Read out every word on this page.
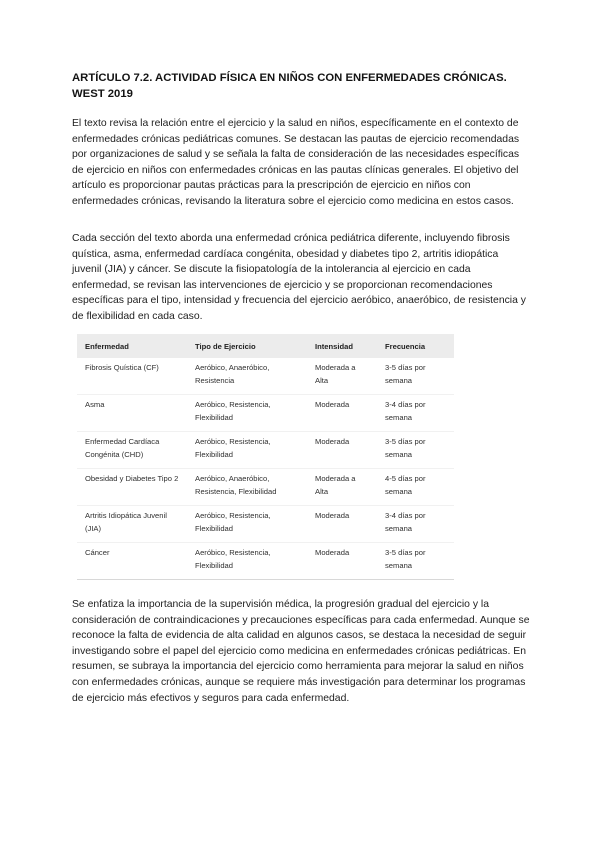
ARTÍCULO 7.2. ACTIVIDAD FÍSICA EN NIÑOS CON ENFERMEDADES CRÓNICAS. WEST 2019

El texto revisa la relación entre el ejercicio y la salud en niños, específicamente en el contexto de enfermedades crónicas pediátricas comunes. Se destacan las pautas de ejercicio recomendadas por organizaciones de salud y se señala la falta de consideración de las necesidades específicas de ejercicio en niños con enfermedades crónicas en las pautas clínicas generales. El objetivo del artículo es proporcionar pautas prácticas para la prescripción de ejercicio en niños con enfermedades crónicas, revisando la literatura sobre el ejercicio como medicina en estos casos.

Cada sección del texto aborda una enfermedad crónica pediátrica diferente, incluyendo fibrosis quística, asma, enfermedad cardíaca congénita, obesidad y diabetes tipo 2, artritis idiopática juvenil (JIA) y cáncer. Se discute la fisiopatología de la intolerancia al ejercicio en cada enfermedad, se revisan las intervenciones de ejercicio y se proporcionan recomendaciones específicas para el tipo, intensidad y frecuencia del ejercicio aeróbico, anaeróbico, de resistencia y de flexibilidad en cada caso.

Enfermedad	Tipo de Ejercicio	Intensidad	Frecuencia
Fibrosis Quística (CF)	Aeróbico, Anaeróbico, Resistencia	Moderada a Alta	3-5 días por semana
Asma	Aeróbico, Resistencia, Flexibilidad	Moderada	3-4 días por semana
Enfermedad Cardíaca Congénita (CHD)	Aeróbico, Resistencia, Flexibilidad	Moderada	3-5 días por semana
Obesidad y Diabetes Tipo 2	Aeróbico, Anaeróbico, Resistencia, Flexibilidad	Moderada a Alta	4-5 días por semana
Artritis Idiopática Juvenil (JIA)	Aeróbico, Resistencia, Flexibilidad	Moderada	3-4 días por semana
Cáncer	Aeróbico, Resistencia, Flexibilidad	Moderada	3-5 días por semana

Se enfatiza la importancia de la supervisión médica, la progresión gradual del ejercicio y la consideración de contraindicaciones y precauciones específicas para cada enfermedad. Aunque se reconoce la falta de evidencia de alta calidad en algunos casos, se destaca la necesidad de seguir investigando sobre el papel del ejercicio como medicina en enfermedades crónicas pediátricas. En resumen, se subraya la importancia del ejercicio como herramienta para mejorar la salud en niños con enfermedades crónicas, aunque se requiere más investigación para determinar los programas de ejercicio más efectivos y seguros para cada enfermedad.
